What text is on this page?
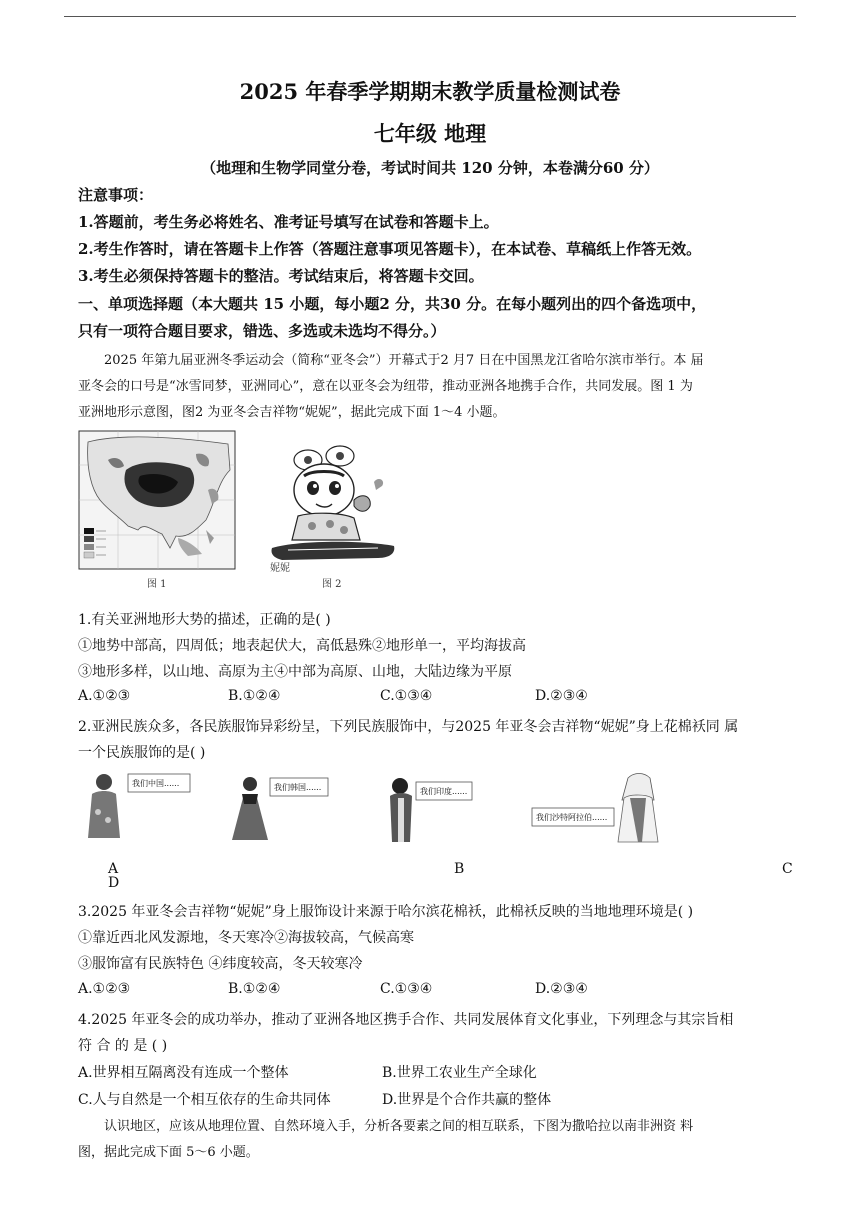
2025 年春季学期期末教学质量检测试卷
七年级 地理
（地理和生物学同堂分卷，考试时间共 120 分钟，本卷满分60 分）
注意事项：
1.答题前，考生务必将姓名、准考证号填写在试卷和答题卡上。
2.考生作答时，请在答题卡上作答（答题注意事项见答题卡），在本试卷、草稿纸上作答无效。
3.考生必须保持答题卡的整洁。考试结束后，将答题卡交回。
一、单项选择题（本大题共 15 小题，每小题2 分，共30 分。在每小题列出的四个备选项中，
只有一项符合题目要求，错选、多选或未选均不得分。）
2025 年第九届亚洲冬季运动会（简称“亚冬会”）开幕式于2 月7 日在中国黑龙江省哈尔滨市举行。本 届
亚冬会的口号是“冰雪同梦，亚洲同心”，意在以亚冬会为纽带，推动亚洲各地携手合作，共同发展。图 1 为
亚洲地形示意图，图2 为亚冬会吉祥物“妮妮”，据此完成下面 1～4 小题。
图 1
妮妮
图 2
1.有关亚洲地形大势的描述，正确的是( )
①地势中部高，四周低；地表起伏大，高低悬殊②地形单一，平均海拔高
③地形多样，以山地、高原为主④中部为高原、山地，大陆边缘为平原
A.①②③	B.①②④	C.①③④	D.②③④
2.亚洲民族众多，各民族服饰异彩纷呈，下列民族服饰中，与2025 年亚冬会吉祥物“妮妮”身上花棉袄同 属
一个民族服饰的是( )
我们中国......	我们韩国......	我们印度......
我们沙特阿拉伯......
A	B	C
D
3.2025 年亚冬会吉祥物“妮妮”身上服饰设计来源于哈尔滨花棉袄，此棉袄反映的当地地理环境是( )
①靠近西北风发源地，冬天寒冷②海拔较高，气候高寒
③服饰富有民族特色 ④纬度较高，冬天较寒冷
A.①②③	B.①②④	C.①③④	D.②③④
4.2025 年亚冬会的成功举办，推动了亚洲各地区携手合作、共同发展体育文化事业，下列理念与其宗旨相
符 合 的 是 ( )
A.世界相互隔离没有连成一个整体	B.世界工农业生产全球化
C.人与自然是一个相互依存的生命共同体	D.世界是个合作共赢的整体
认识地区，应该从地理位置、自然环境入手，分析各要素之间的相互联系，下图为撒哈拉以南非洲资 料
图，据此完成下面 5～6 小题。
